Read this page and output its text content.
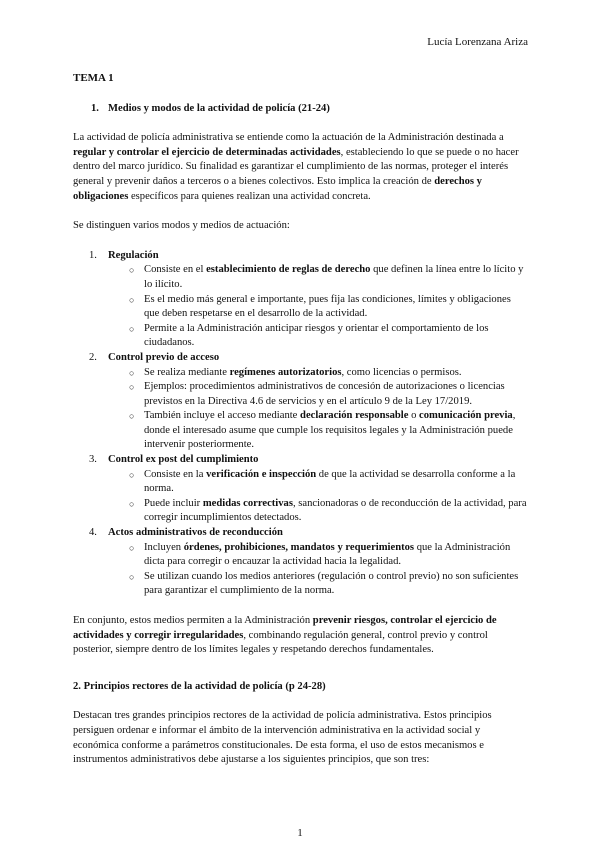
Lucía Lorenzana Ariza
TEMA 1
1. Medios y modos de la actividad de policía (21-24)

La actividad de policía administrativa se entiende como la actuación de la Administración destinada a regular y controlar el ejercicio de determinadas actividades, estableciendo lo que se puede o no hacer dentro del marco jurídico. Su finalidad es garantizar el cumplimiento de las normas, proteger el interés general y prevenir daños a terceros o a bienes colectivos. Esto implica la creación de derechos y obligaciones específicos para quienes realizan una actividad concreta.

Se distinguen varios modos y medios de actuación:

1. Regulación
○ Consiste en el establecimiento de reglas de derecho que definen la línea entre lo lícito y lo ilícito.
○ Es el medio más general e importante, pues fija las condiciones, límites y obligaciones que deben respetarse en el desarrollo de la actividad.
○ Permite a la Administración anticipar riesgos y orientar el comportamiento de los ciudadanos.
2. Control previo de acceso
○ Se realiza mediante regímenes autorizatorios, como licencias o permisos.
○ Ejemplos: procedimientos administrativos de concesión de autorizaciones o licencias previstos en la Directiva 4.6 de servicios y en el artículo 9 de la Ley 17/2019.
○ También incluye el acceso mediante declaración responsable o comunicación previa, donde el interesado asume que cumple los requisitos legales y la Administración puede intervenir posteriormente.
3. Control ex post del cumplimiento
○ Consiste en la verificación e inspección de que la actividad se desarrolla conforme a la norma.
○ Puede incluir medidas correctivas, sancionadoras o de reconducción de la actividad, para corregir incumplimientos detectados.
4. Actos administrativos de reconducción
○ Incluyen órdenes, prohibiciones, mandatos y requerimientos que la Administración dicta para corregir o encauzar la actividad hacia la legalidad.
○ Se utilizan cuando los medios anteriores (regulación o control previo) no son suficientes para garantizar el cumplimiento de la norma.

En conjunto, estos medios permiten a la Administración prevenir riesgos, controlar el ejercicio de actividades y corregir irregularidades, combinando regulación general, control previo y control posterior, siempre dentro de los límites legales y respetando derechos fundamentales.

2. Principios rectores de la actividad de policía (p 24-28)

Destacan tres grandes principios rectores de la actividad de policía administrativa. Estos principios persiguen ordenar e informar el ámbito de la intervención administrativa en la actividad social y económica conforme a parámetros constitucionales. De esta forma, el uso de estos mecanismos e instrumentos administrativos debe ajustarse a los siguientes principios, que son tres:

1
